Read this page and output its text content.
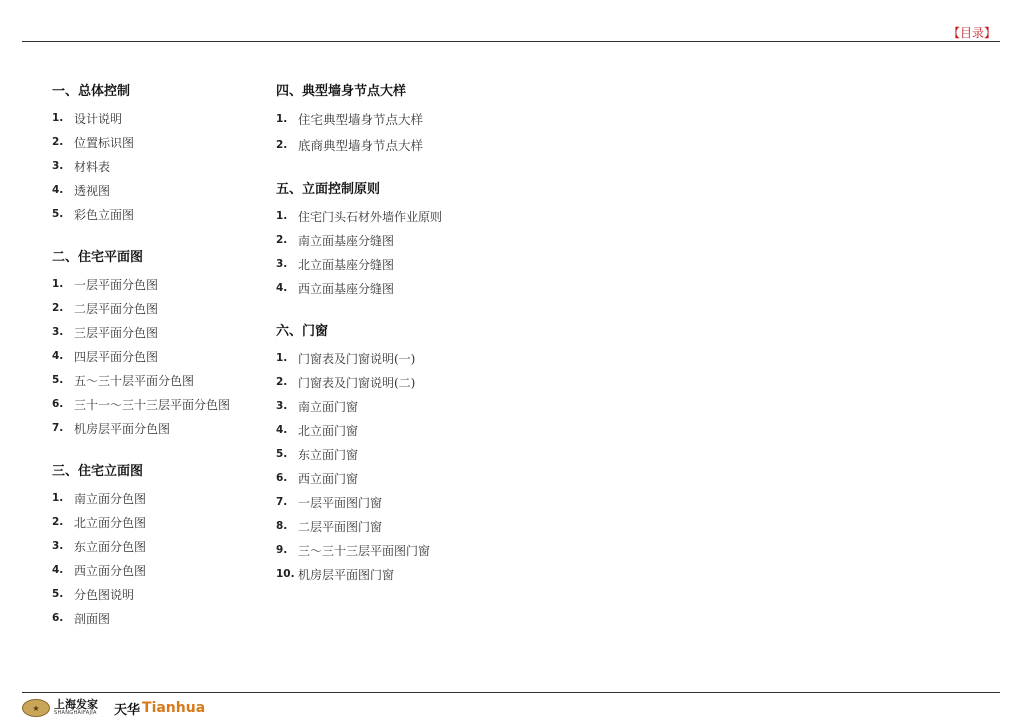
【目录】
一、总体控制
1. 设计说明
2. 位置标识图
3. 材料表
4. 透视图
5. 彩色立面图
二、住宅平面图
1. 一层平面分色图
2. 二层平面分色图
3. 三层平面分色图
4. 四层平面分色图
5. 五～三十层平面分色图
6. 三十一～三十三层平面分色图
7. 机房层平面分色图
三、住宅立面图
1. 南立面分色图
2. 北立面分色图
3. 东立面分色图
4. 西立面分色图
5. 分色图说明
6. 剖面图
四、典型墙身节点大样
1. 住宅典型墙身节点大样
2. 底商典型墙身节点大样
五、立面控制原则
1. 住宅门头石材外墙作业原则
2. 南立面基座分缝图
3. 北立面基座分缝图
4. 西立面基座分缝图
六、门窗
1. 门窗表及门窗说明(一)
2. 门窗表及门窗说明(二)
3. 南立面门窗
4. 北立面门窗
5. 东立面门窗
6. 西立面门窗
7. 一层平面图门窗
8. 二层平面图门窗
9. 三～三十三层平面图门窗
10. 机房层平面图门窗
★	上海发家
SHANGHAIFAJIA 天华 Tianhua
